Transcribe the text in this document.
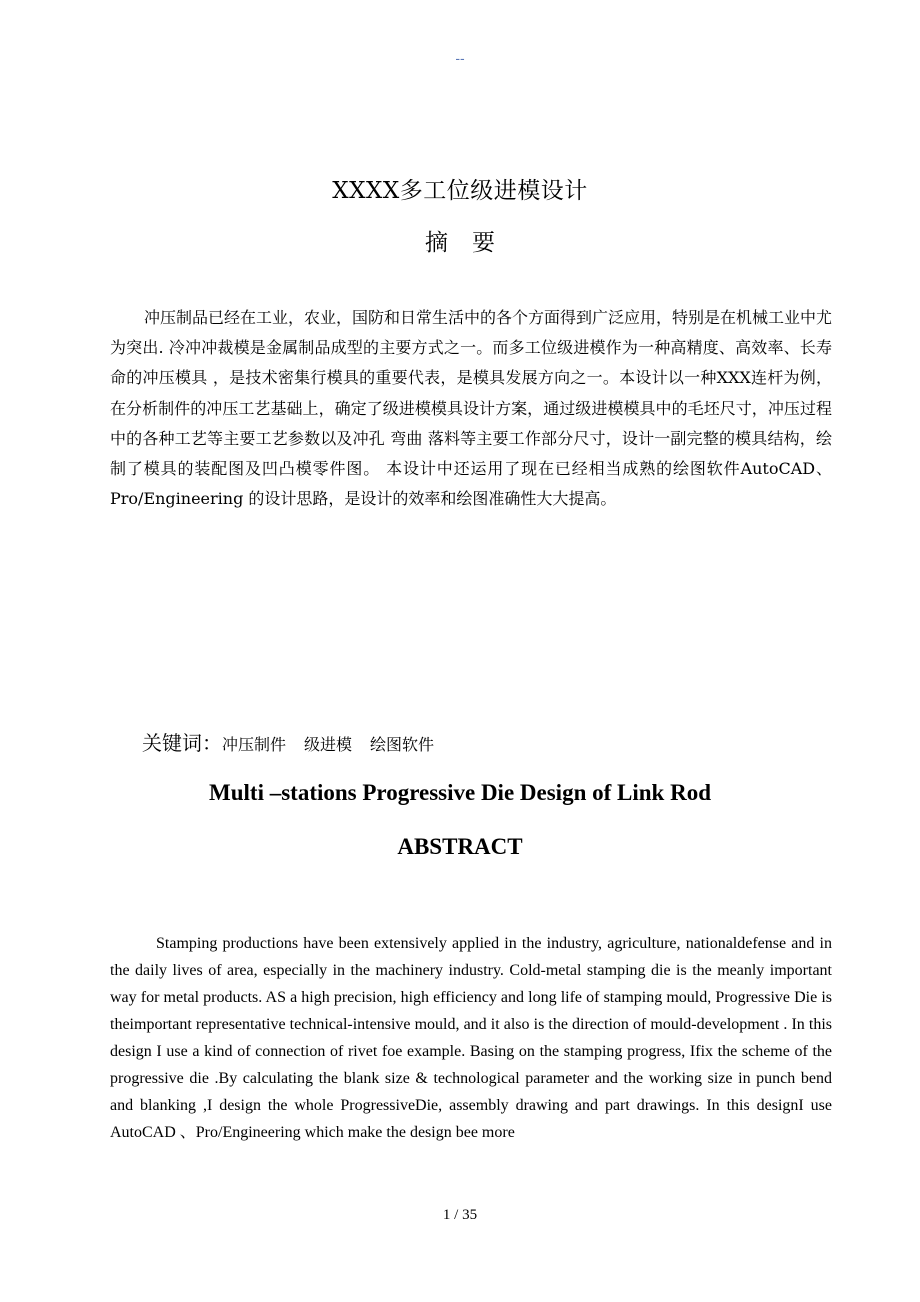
--
XXXX多工位级进模设计
摘要

冲压制品已经在工业，农业，国防和日常生活中的各个方面得到广泛应用，特别是在机械工业中尤为突出. 冷冲冲裁模是金属制品成型的主要方式之一。而多工位级进模作为一种高精度、高效率、长寿命的冲压模具 ，是技术密集行模具的重要代表，是模具发展方向之一。本设计以一种XXX连杆为例，在分析制件的冲压工艺基础上，确定了级进模模具设计方案，通过级进模模具中的毛坯尺寸，冲压过程中的各种工艺等主要工艺参数以及冲孔 弯曲 落料等主要工作部分尺寸，设计一副完整的模具结构，绘制了模具的装配图及凹凸模零件图。 本设计中还运用了现在已经相当成熟的绘图软件AutoCAD、Pro/Engineering 的设计思路，是设计的效率和绘图准确性大大提高。

关键词：冲压制件 级进模 绘图软件
Multi –stations Progressive Die Design of Link Rod
ABSTRACT

Stamping productions have been extensively applied in the industry, agriculture, nationaldefense and in the daily lives of area, especially in the machinery industry. Cold-metal stamping die is the meanly important way for metal products. AS a high precision, high efficiency and long life of stamping mould, Progressive Die is theimportant representative technical-intensive mould, and it also is the direction of mould-development . In this design I use a kind of connection of rivet foe example. Basing on the stamping progress, Ifix the scheme of the progressive die .By calculating the blank size & technological parameter and the working size in punch bend and blanking ,I design the whole ProgressiveDie, assembly drawing and part drawings. In this designI use AutoCAD 、Pro/Engineering which make the design bee more

1 / 35
